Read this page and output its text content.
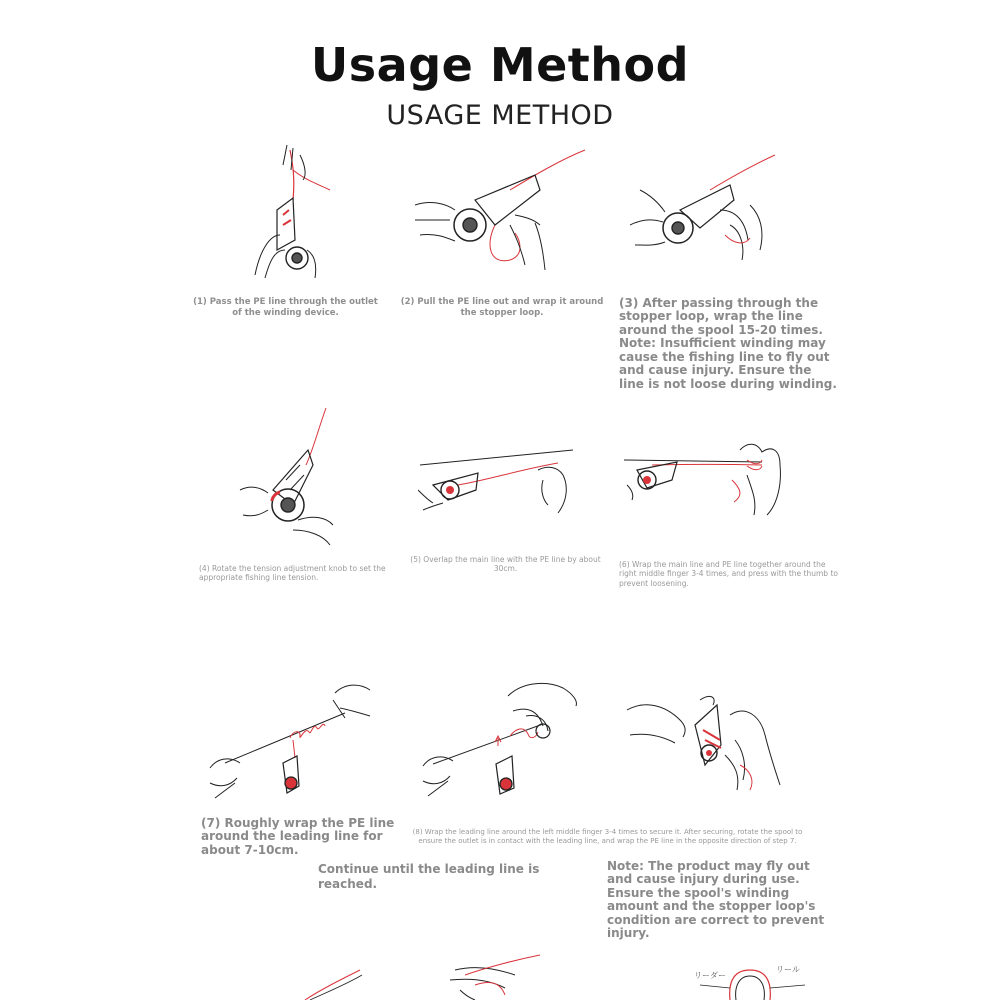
Usage Method
USAGE METHOD
(1) Pass the PE line through the outlet of the winding device.
(2) Pull the PE line out and wrap it around the stopper loop.
(3) After passing through the stopper loop, wrap the line around the spool 15-20 times. Note: Insufficient winding may cause the fishing line to fly out and cause injury. Ensure the line is not loose during winding.
(4) Rotate the tension adjustment knob to set the appropriate fishing line tension.
(5) Overlap the main line with the PE line by about 30cm.	(6) Wrap the main line and PE line together around the right middle finger 3-4 times, and press with the thumb to prevent loosening.
(7) Roughly wrap the PE line around the leading line for about 7-10cm.
(8) Wrap the leading line around the left middle finger 3-4 times to secure it. After securing, rotate the spool to ensure the outlet is in contact with the leading line, and wrap the PE line in the opposite direction of step 7.
Continue until the leading line is reached.
Note: The product may fly out and cause injury during use. Ensure the spool's winding amount and the stopper loop's condition are correct to prevent injury.
リーダー
リール
